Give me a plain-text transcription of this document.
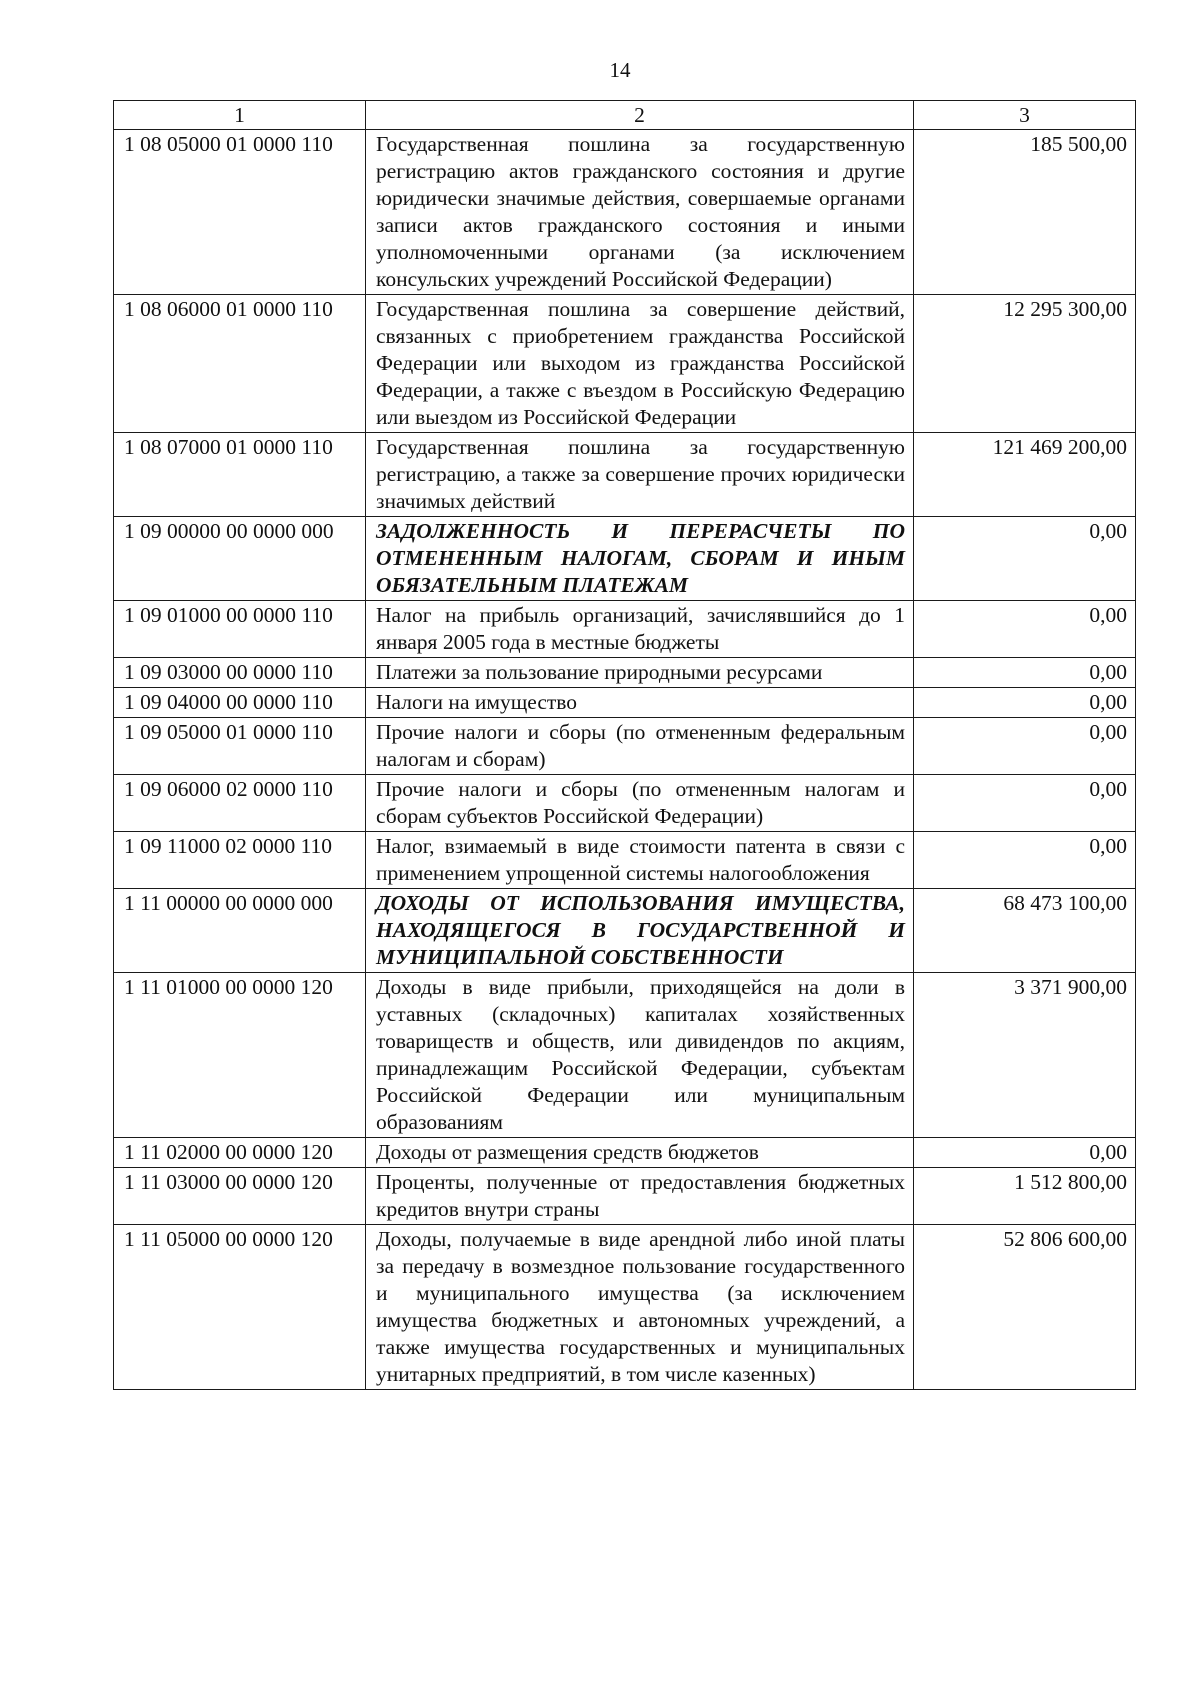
14
1	2	3
1 08 05000 01 0000 110	Государственная пошлина за государственную регистрацию актов гражданского состояния и другие юридически значимые действия, совершаемые органами записи актов гражданского состояния и иными уполномоченными органами (за исключением консульских учреждений Российской Федерации)	185 500,00
1 08 06000 01 0000 110	Государственная пошлина за совершение действий, связанных с приобретением гражданства Российской Федерации или выходом из гражданства Российской Федерации, а также с въездом в Российскую Федерацию или выездом из Российской Федерации	12 295 300,00
1 08 07000 01 0000 110	Государственная пошлина за государственную регистрацию, а также за совершение прочих юридически значимых действий	121 469 200,00
1 09 00000 00 0000 000	ЗАДОЛЖЕННОСТЬ И ПЕРЕРАСЧЕТЫ ПО ОТМЕНЕННЫМ НАЛОГАМ, СБОРАМ И ИНЫМ ОБЯЗАТЕЛЬНЫМ ПЛАТЕЖАМ	0,00
1 09 01000 00 0000 110	Налог на прибыль организаций, зачислявшийся до 1 января 2005 года в местные бюджеты	0,00
1 09 03000 00 0000 110	Платежи за пользование природными ресурсами	0,00
1 09 04000 00 0000 110	Налоги на имущество	0,00
1 09 05000 01 0000 110	Прочие налоги и сборы (по отмененным федеральным налогам и сборам)	0,00
1 09 06000 02 0000 110	Прочие налоги и сборы (по отмененным налогам и сборам субъектов Российской Федерации)	0,00
1 09 11000 02 0000 110	Налог, взимаемый в виде стоимости патента в связи с применением упрощенной системы налогообложения	0,00
1 11 00000 00 0000 000	ДОХОДЫ ОТ ИСПОЛЬЗОВАНИЯ ИМУЩЕСТВА, НАХОДЯЩЕГОСЯ В ГОСУДАРСТВЕННОЙ И МУНИЦИПАЛЬНОЙ СОБСТВЕННОСТИ	68 473 100,00
1 11 01000 00 0000 120	Доходы в виде прибыли, приходящейся на доли в уставных (складочных) капиталах хозяйственных товариществ и обществ, или дивидендов по акциям, принадлежащим Российской Федерации, субъектам Российской Федерации или муниципальным образованиям	3 371 900,00
1 11 02000 00 0000 120	Доходы от размещения средств бюджетов	0,00
1 11 03000 00 0000 120	Проценты, полученные от предоставления бюджетных кредитов внутри страны	1 512 800,00
1 11 05000 00 0000 120	Доходы, получаемые в виде арендной либо иной платы за передачу в возмездное пользование государственного и муниципального имущества (за исключением имущества бюджетных и автономных учреждений, а также имущества государственных и муниципальных унитарных предприятий, в том числе казенных)	52 806 600,00
